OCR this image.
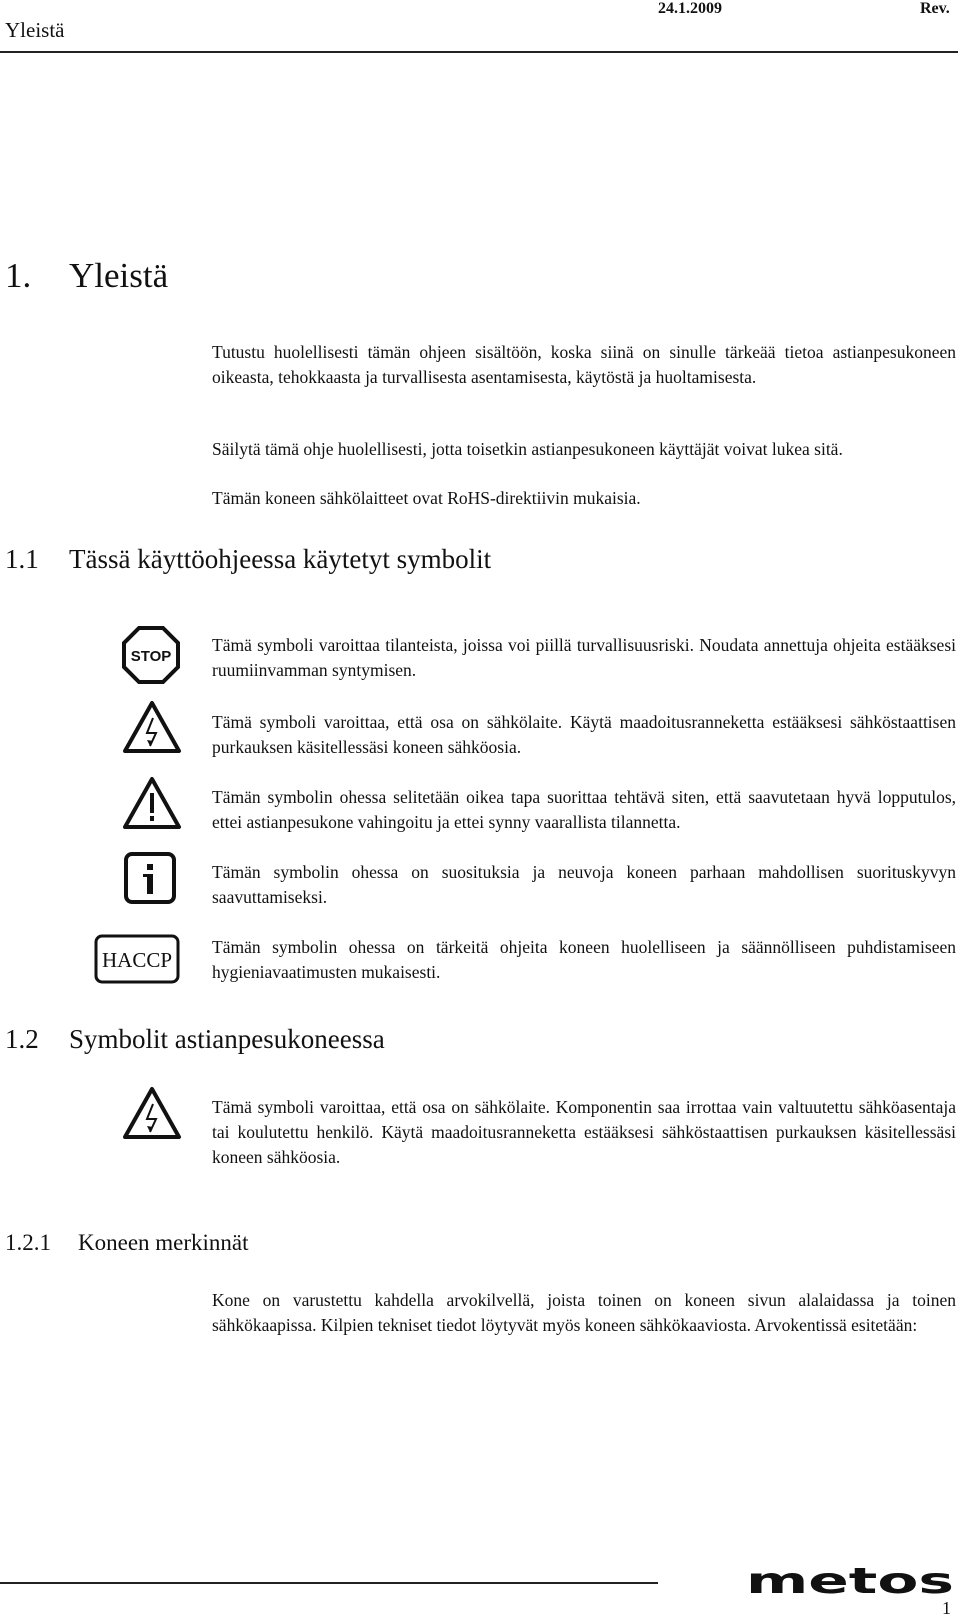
Yleistä
24.1.2009	Rev.
1. Yleistä

Tutustu huolellisesti tämän ohjeen sisältöön, koska siinä on sinulle tärkeää tietoa astianpesukoneen oikeasta, tehokkaasta ja turvallisesta asentamisesta, käytöstä ja huoltamisesta.

Säilytä tämä ohje huolellisesti, jotta toisetkin astianpesukoneen käyttäjät voivat lukea sitä.

Tämän koneen sähkölaitteet ovat RoHS-direktiivin mukaisia.

1.1 Tässä käyttöohjeessa käytetyt symbolit
STOP

Tämä symboli varoittaa tilanteista, joissa voi piillä turvallisuusriski. Noudata annettuja ohjeita estääksesi ruumiinvamman syntymisen.

Tämä symboli varoittaa, että osa on sähkölaite. Käytä maadoitusranneketta estääksesi sähköstaattisen purkauksen käsitellessäsi koneen sähköosia.

Tämän symbolin ohessa selitetään oikea tapa suorittaa tehtävä siten, että saavutetaan hyvä lopputulos, ettei astianpesukone vahingoitu ja ettei synny vaarallista tilannetta.

Tämän symbolin ohessa on suosituksia ja neuvoja koneen parhaan mahdollisen suorituskyvyn saavuttamiseksi.

HACCP

Tämän symbolin ohessa on tärkeitä ohjeita koneen huolelliseen ja säännölliseen puhdistamiseen hygieniavaatimusten mukaisesti.

1.2 Symbolit astianpesukoneessa

Tämä symboli varoittaa, että osa on sähkölaite. Komponentin saa irrottaa vain valtuutettu sähköasentaja tai koulutettu henkilö. Käytä maadoitusranneketta estääksesi sähköstaattisen purkauksen käsitellessäsi koneen sähköosia.

1.2.1 Koneen merkinnät

Kone on varustettu kahdella arvokilvellä, joista toinen on koneen sivun alalaidassa ja toinen sähkökaapissa. Kilpien tekniset tiedot löytyvät myös koneen sähkökaaviosta. Arvokentissä esitetään:

metos
1
